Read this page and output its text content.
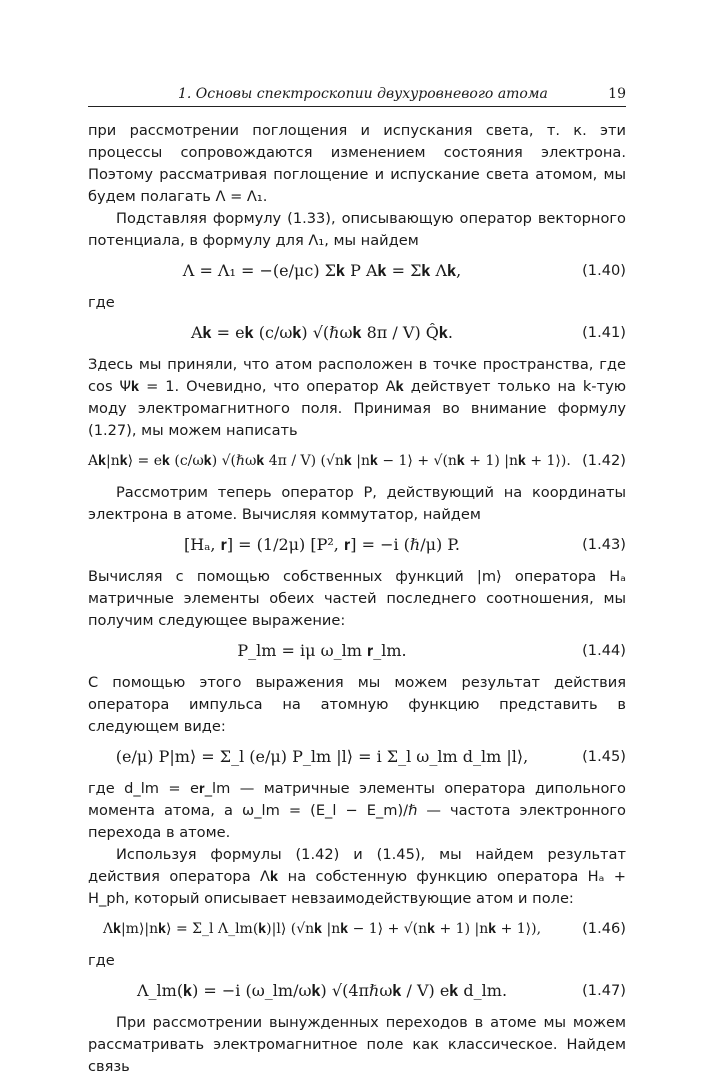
1. Основы спектроскопии двухуровневого атома	19

при рассмотрении поглощения и испускания света, т. к. эти процессы сопровождаются изменением состояния электрона. Поэтому рассматривая поглощение и испускание света атомом, мы будем полагать Λ = Λ₁.

Подставляя формулу (1.33), описывающую оператор векторного потенциала, в формулу для Λ₁, мы найдем

Λ = Λ₁ = −(e/μc) Σ𝐤 P A𝐤 = Σ𝐤 Λ𝐤,	(1.40)

где

A𝐤 = e𝐤 (c/ω𝐤) √(ℏω𝐤 8π / V) Q̂𝐤.	(1.41)

Здесь мы приняли, что атом расположен в точке пространства, где cos Ψ𝐤 = 1. Очевидно, что оператор A𝐤 действует только на k-тую моду электромагнитного поля. Принимая во внимание формулу (1.27), мы можем написать

A𝐤|n𝐤⟩ = e𝐤 (c/ω𝐤) √(ℏω𝐤 4π / V) (√n𝐤 |n𝐤 − 1⟩ + √(n𝐤 + 1) |n𝐤 + 1⟩). (1.42)

Рассмотрим теперь оператор P, действующий на координаты электрона в атоме. Вычисляя коммутатор, найдем

[Hₐ, 𝐫] = (1/2μ) [P², 𝐫] = −i (ℏ/μ) P.	(1.43)

Вычисляя с помощью собственных функций |m⟩ оператора Hₐ матричные элементы обеих частей последнего соотношения, мы получим следующее выражение:

P_lm = iμ ω_lm 𝐫_lm.	(1.44)

С помощью этого выражения мы можем результат действия оператора импульса на атомную функцию представить в следующем виде:

(e/μ) P|m⟩ = Σ_l (e/μ) P_lm |l⟩ = i Σ_l ω_lm d_lm |l⟩,	(1.45)

где d_lm = e𝐫_lm — матричные элементы оператора дипольного момента атома, а ω_lm = (E_l − E_m)/ℏ — частота электронного перехода в атоме.

Используя формулы (1.42) и (1.45), мы найдем результат действия оператора Λ𝐤 на собстенную функцию оператора Hₐ + H_ph, который описывает невзаимодействующие атом и поле:

Λ𝐤|m⟩|n𝐤⟩ = Σ_l Λ_lm(𝐤)|l⟩ (√n𝐤 |n𝐤 − 1⟩ + √(n𝐤 + 1) |n𝐤 + 1⟩),	(1.46)

где

Λ_lm(𝐤) = −i (ω_lm/ω𝐤) √(4πℏω𝐤 / V) e𝐤 d_lm.	(1.47)

При рассмотрении вынужденных переходов в атоме мы можем рассматривать электромагнитное поле как классическое. Найдем связь
